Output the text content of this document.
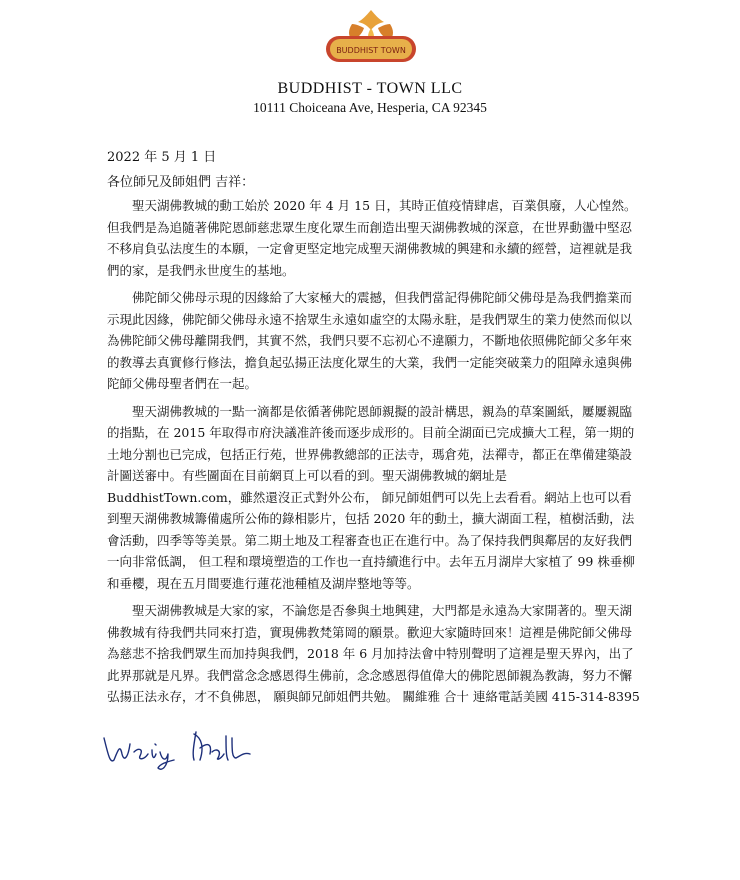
BUDDHIST TOWN
BUDDHIST - TOWN LLC
10111 Choiceana Ave, Hesperia, CA 92345
2022 年 5 月 1 日
各位師兄及師姐們 吉祥：

聖天湖佛教城的動工始於 2020 年 4 月 15 日，其時正值疫情肆虐，百業俱廢，人心惶然。但我們是為追隨著佛陀恩師慈悲眾生度化眾生而創造出聖天湖佛教城的深意，在世界動盪中堅忍不移肩負弘法度生的本願，一定會更堅定地完成聖天湖佛教城的興建和永續的經營，這裡就是我們的家，是我們永世度生的基地。

佛陀師父佛母示現的因緣給了大家極大的震撼，但我們當記得佛陀師父佛母是為我們擔業而示現此因緣，佛陀師父佛母永遠不捨眾生永遠如虛空的太陽永駐，是我們眾生的業力使然而似以為佛陀師父佛母離開我們，其實不然，我們只要不忘初心不違願力，不斷地依照佛陀師父多年來的教導去真實修行修法，擔負起弘揚正法度化眾生的大業，我們一定能突破業力的阻障永遠與佛陀師父佛母聖者們在一起。

聖天湖佛教城的一點一滴都是依循著佛陀恩師親擬的設計構思，親為的草案圖紙，屢屢親臨的指點，在 2015 年取得市府決議准許後而逐步成形的。目前全湖面已完成擴大工程，第一期的土地分割也已完成，包括正行苑，世界佛教總部的正法寺，瑪倉苑，法禪寺，都正在準備建築設計圖送審中。有些圖面在目前網頁上可以看的到。聖天湖佛教城的網址是 BuddhistTown.com，雖然還沒正式對外公布， 師兄師姐們可以先上去看看。網站上也可以看到聖天湖佛教城籌備處所公佈的錄相影片，包括 2020 年的動土，擴大湖面工程，植樹活動，法會活動，四季等等美景。第二期土地及工程審查也正在進行中。為了保持我們與鄰居的友好我們一向非常低調， 但工程和環境塑造的工作也一直持續進行中。去年五月湖岸大家植了 99 株垂柳和垂櫻，現在五月間要進行蓮花池種植及湖岸整地等等。

聖天湖佛教城是大家的家，不論您是否參與土地興建，大門都是永遠為大家開著的。聖天湖佛教城有待我們共同來打造，實現佛教梵第岡的願景。歡迎大家隨時回來！這裡是佛陀師父佛母為慈悲不捨我們眾生而加持與我們，2018 年 6 月加持法會中特別聲明了這裡是聖天界內，出了此界那就是凡界。我們當念念感恩得生佛前，念念感恩得值偉大的佛陀恩師親為教誨，努力不懈弘揚正法永存，才不負佛恩， 願與師兄師姐們共勉。 關維雅 合十 連絡電話美國 415-314-8395
